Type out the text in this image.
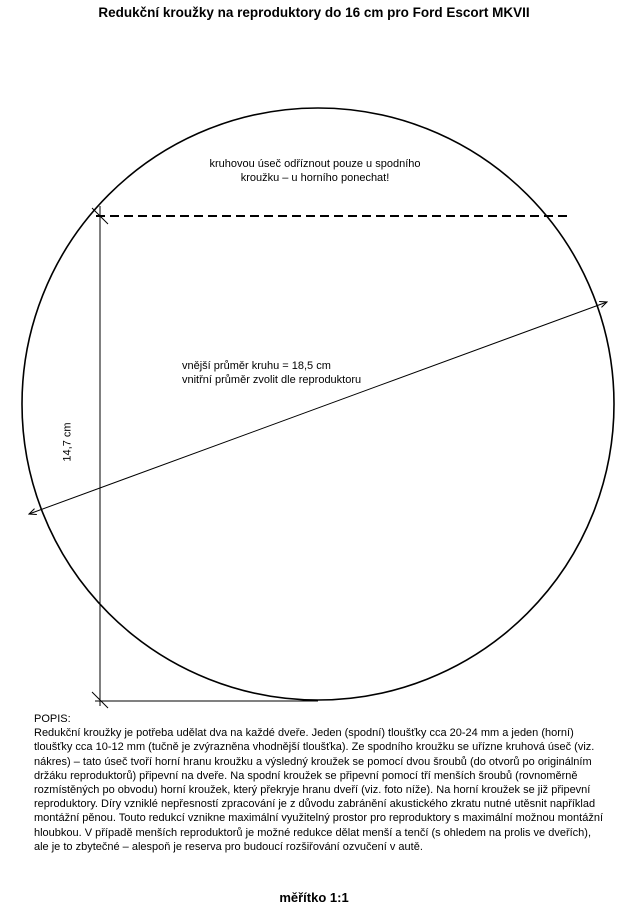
Redukční kroužky na reproduktory do 16 cm pro Ford Escort MKVII
kruhovou úseč odříznout pouze u spodního
kroužku – u horního ponechat!
vnější průměr kruhu = 18,5 cm
vnitřní průměr zvolit dle reproduktoru
14,7 cm

POPIS:

Redukční kroužky je potřeba udělat dva na každé dveře. Jeden (spodní) tloušťky cca 20-24 mm a jeden (horní) tloušťky cca 10-12 mm (tučně je zvýrazněna vhodnější tloušťka). Ze spodního kroužku se uřízne kruhová úseč (viz. nákres) – tato úseč tvoří horní hranu kroužku a výsledný kroužek se pomocí dvou šroubů (do otvorů po originálním držáku reproduktorů) připevní na dveře. Na spodní kroužek se připevní pomocí tří menších šroubů (rovnoměrně rozmístěných po obvodu) horní kroužek, který překryje hranu dveří (viz. foto níže). Na horní kroužek se již připevní reproduktory. Díry vzniklé nepřesností zpracování je z důvodu zabránění akustického zkratu nutné utěsnit například montážní pěnou. Touto redukcí vznikne maximální využitelný prostor pro reproduktory s maximální možnou montážní hloubkou. V případě menších reproduktorů je možné redukce dělat menší a tenčí (s ohledem na prolis ve dveřích), ale je to zbytečné – alespoň je reserva pro budoucí rozšiřování ozvučení v autě.

měřítko 1:1
